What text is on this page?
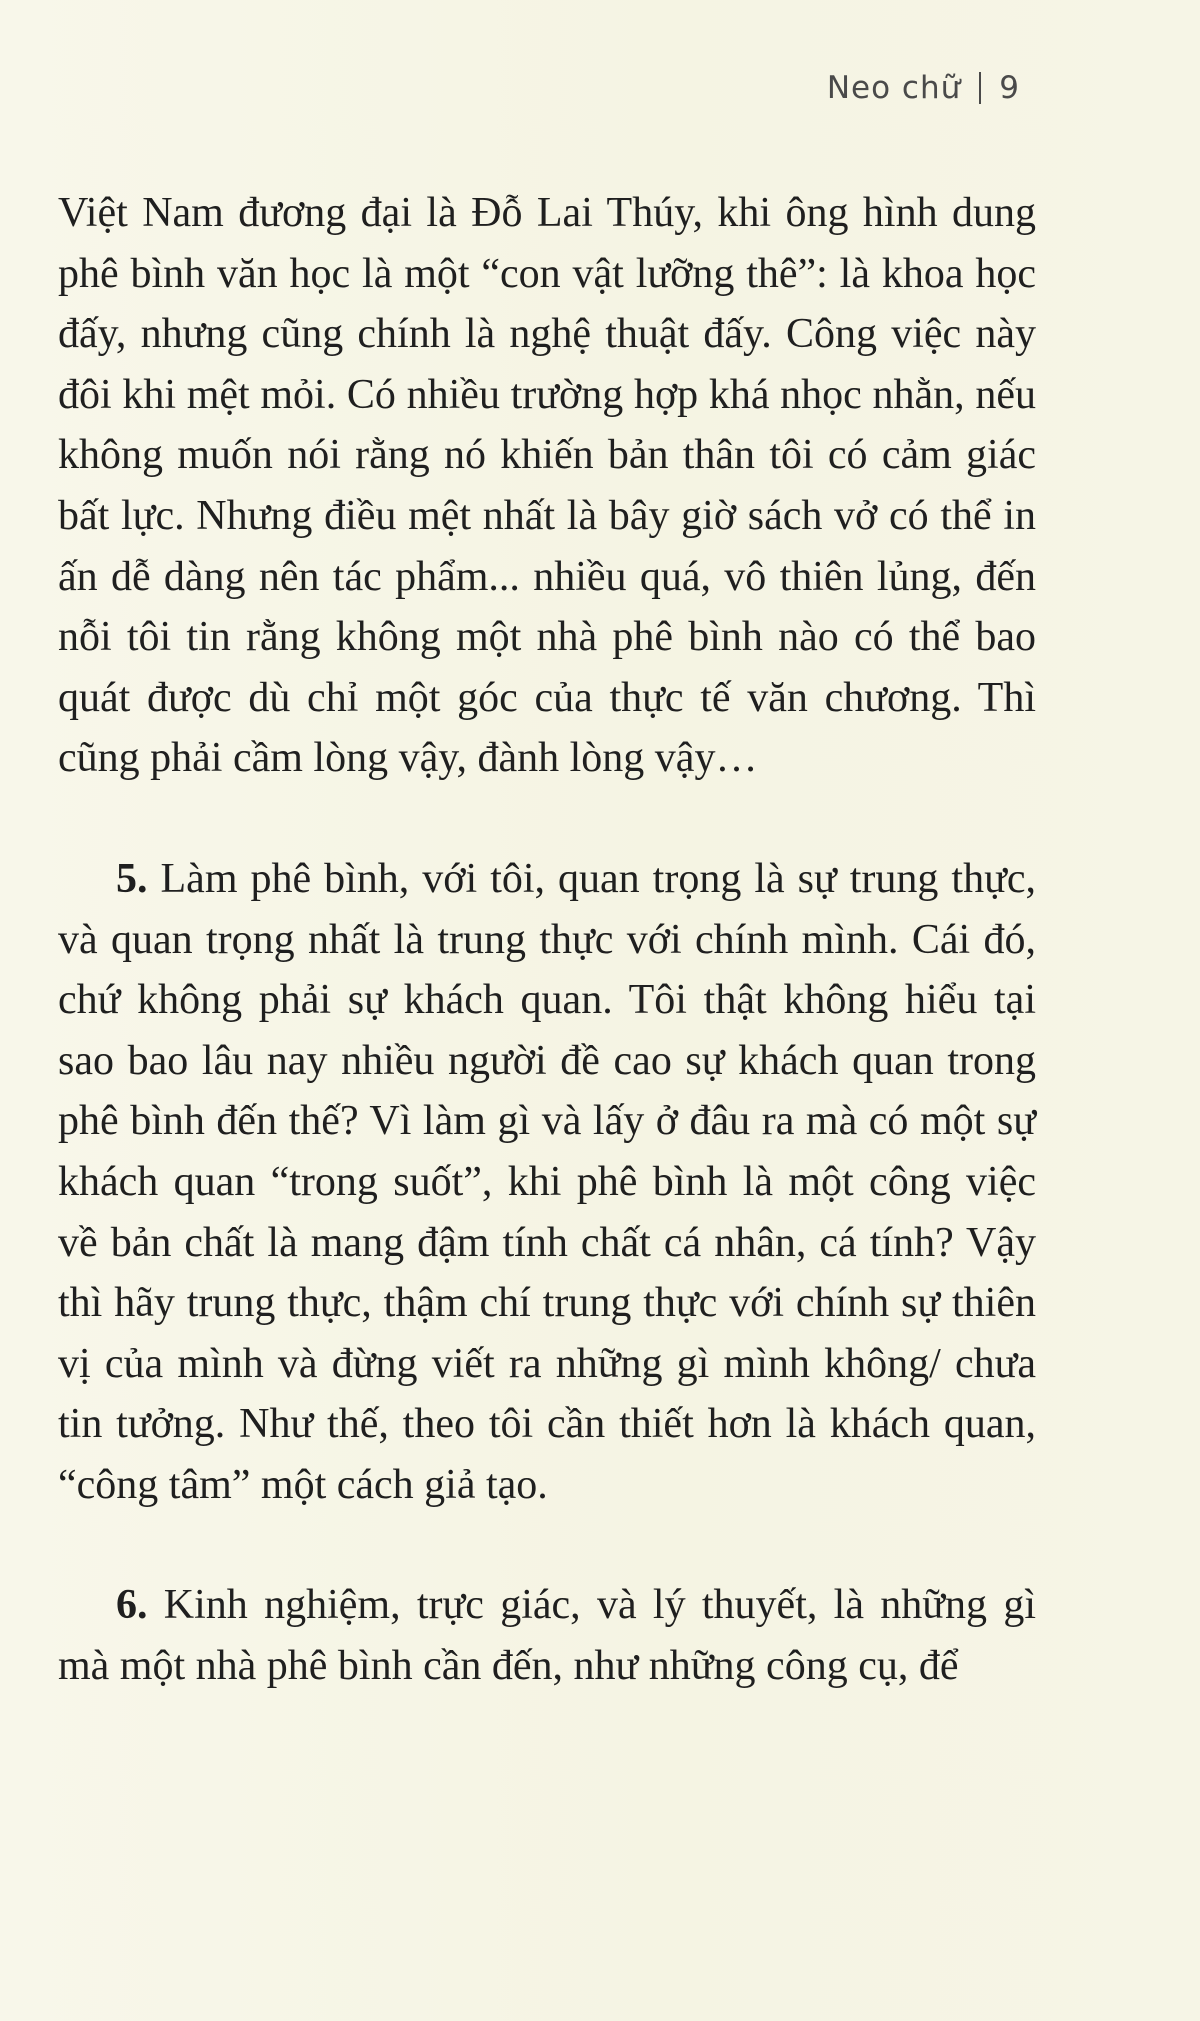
Neo chữ 9

Việt Nam đương đại là Đỗ Lai Thúy, khi ông hình dung phê bình văn học là một “con vật lưỡng thê”: là khoa học đấy, nhưng cũng chính là nghệ thuật đấy. Công việc này đôi khi mệt mỏi. Có nhiều trường hợp khá nhọc nhằn, nếu không muốn nói rằng nó khiến bản thân tôi có cảm giác bất lực. Nhưng điều mệt nhất là bây giờ sách vở có thể in ấn dễ dàng nên tác phẩm... nhiều quá, vô thiên lủng, đến nỗi tôi tin rằng không một nhà phê bình nào có thể bao quát được dù chỉ một góc của thực tế văn chương. Thì cũng phải cầm lòng vậy, đành lòng vậy…

5. Làm phê bình, với tôi, quan trọng là sự trung thực, và quan trọng nhất là trung thực với chính mình. Cái đó, chứ không phải sự khách quan. Tôi thật không hiểu tại sao bao lâu nay nhiều người đề cao sự khách quan trong phê bình đến thế? Vì làm gì và lấy ở đâu ra mà có một sự khách quan “trong suốt”, khi phê bình là một công việc về bản chất là mang đậm tính chất cá nhân, cá tính? Vậy thì hãy trung thực, thậm chí trung thực với chính sự thiên vị của mình và đừng viết ra những gì mình không/ chưa tin tưởng. Như thế, theo tôi cần thiết hơn là khách quan, “công tâm” một cách giả tạo.

6. Kinh nghiệm, trực giác, và lý thuyết, là những gì mà một nhà phê bình cần đến, như những công cụ, để
